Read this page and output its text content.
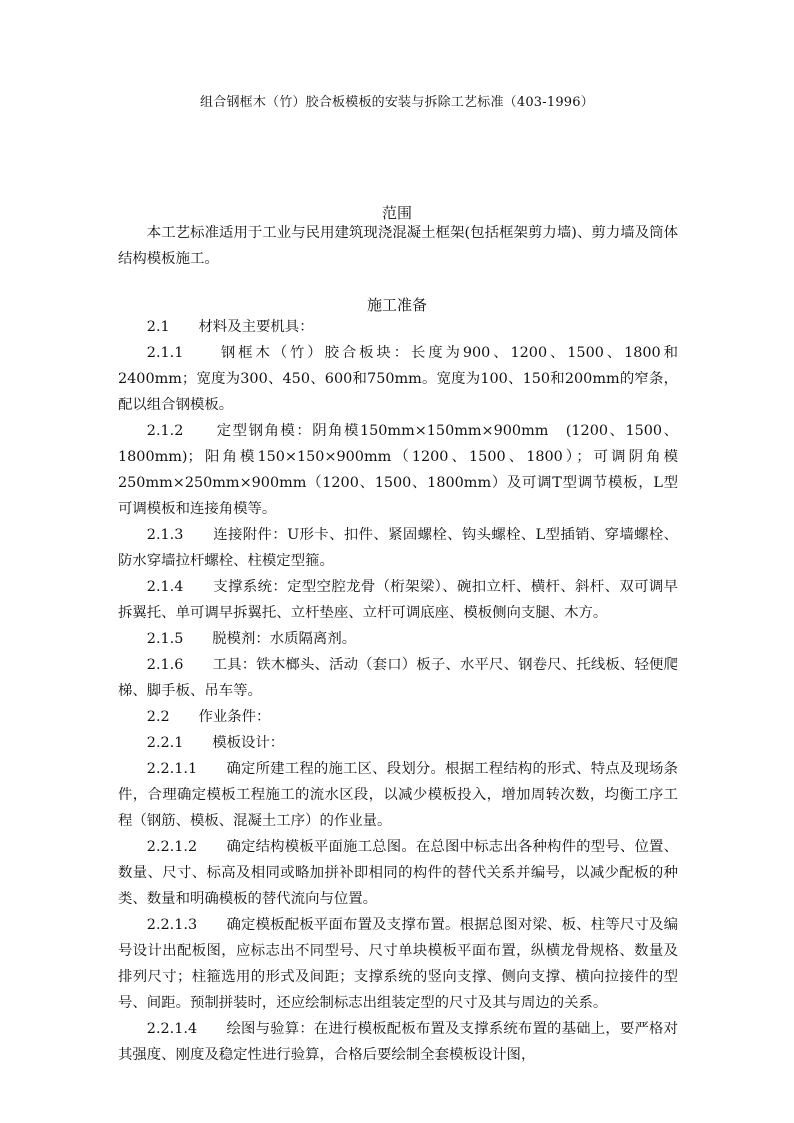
组合钢框木（竹）胶合板模板的安装与拆除工艺标准（403-1996）
范围

本工艺标准适用于工业与民用建筑现浇混凝土框架(包括框架剪力墙)、剪力墙及筒体结构模板施工。

施工准备

2.1　　材料及主要机具：

2.1.1　　钢框木（竹）胶合板块：长度为900、1200、1500、1800和2400mm；宽度为300、450、600和750mm。宽度为100、150和200mm的窄条，配以组合钢模板。

2.1.2　　定型钢角模：阴角模150mm×150mm×900mm　(1200、1500、1800mm)；阳角模150×150×900mm（1200、1500、1800）；可调阴角模250mm×250mm×900mm（1200、1500、1800mm）及可调T型调节模板，L型可调模板和连接角模等。

2.1.3　　连接附件：U形卡、扣件、紧固螺栓、钩头螺栓、L型插销、穿墙螺栓、防水穿墙拉杆螺栓、柱模定型箍。

2.1.4　　支撑系统：定型空腔龙骨（桁架梁）、碗扣立杆、横杆、斜杆、双可调早拆翼托、单可调早拆翼托、立杆垫座、立杆可调底座、模板侧向支腿、木方。

2.1.5　　脱模剂：水质隔离剂。

2.1.6　　工具：铁木榔头、活动（套口）板子、水平尺、钢卷尺、托线板、轻便爬梯、脚手板、吊车等。

2.2　　作业条件：

2.2.1　　模板设计：

2.2.1.1　　确定所建工程的施工区、段划分。根据工程结构的形式、特点及现场条件，合理确定模板工程施工的流水区段，以减少模板投入，增加周转次数，均衡工序工程（钢筋、模板、混凝土工序）的作业量。

2.2.1.2　　确定结构模板平面施工总图。在总图中标志出各种构件的型号、位置、数量、尺寸、标高及相同或略加拼补即相同的构件的替代关系并编号，以减少配板的种类、数量和明确模板的替代流向与位置。

2.2.1.3　　确定模板配板平面布置及支撑布置。根据总图对梁、板、柱等尺寸及编号设计出配板图，应标志出不同型号、尺寸单块模板平面布置，纵横龙骨规格、数量及排列尺寸；柱箍选用的形式及间距；支撑系统的竖向支撑、侧向支撑、横向拉接件的型号、间距。预制拼装时，还应绘制标志出组装定型的尺寸及其与周边的关系。

2.2.1.4　　绘图与验算：在进行模板配板布置及支撑系统布置的基础上，要严格对其强度、刚度及稳定性进行验算，合格后要绘制全套模板设计图，
